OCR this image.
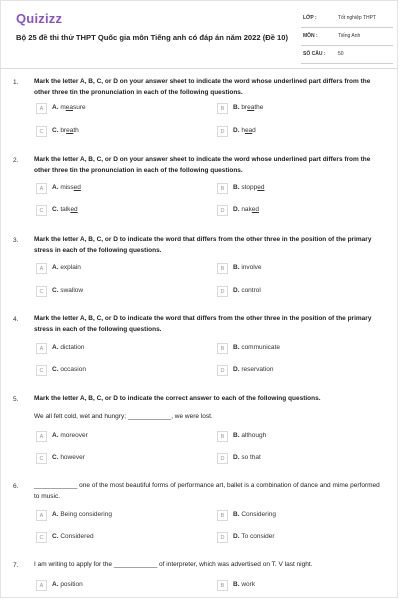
Quizizz
Bộ 25 đề thi thử THPT Quốc gia môn Tiếng anh có đáp án năm 2022 (Đề 10)
LỚP :	Tốt nghiệp THPT
MÔN :	Tiếng Anh
SỐ CÂU :	50
1. Mark the letter A, B, C, or D on your answer sheet to indicate the word whose underlined part differs from the other three tin the pronunciation in each of the following questions.
A	A. measure	B	B. breathe
C	C. breath	D	D. head
2. Mark the letter A, B, C, or D on your answer sheet to indicate the word whose underlined part differs from the other three tin the pronunciation in each of the following questions.
A	A. missed	B	B. stopped
C	C. talked	D	D. naked
3. Mark the letter A, B, C, or D to indicate the word that differs from the other three in the position of the primary stress in each of the following questions.
A	A. explain	B	B. involve
C	C. swallow	D	D. control
4. Mark the letter A, B, C, or D to indicate the word that differs from the other three in the position of the primary stress in each of the following questions.
A	A. dictation	B	B. communicate
C	C. occasion	D	D. reservation
5. Mark the letter A, B, C, or D to indicate the correct answer to each of the following questions.
We all felt cold, wet and hungry; ____________, we were lost.
A	A. moreover	B	B. although
C	C. however	D	D. so that
6. ____________ one of the most beautiful forms of performance art, ballet is a combination of dance and mime performed to music.
A	A. Being considering	B	B. Considering
C	C. Considered	D	D. To consider
7. I am writing to apply for the ____________ of interpreter, which was advertised on T. V last night.
A	A. position	B	B. work
